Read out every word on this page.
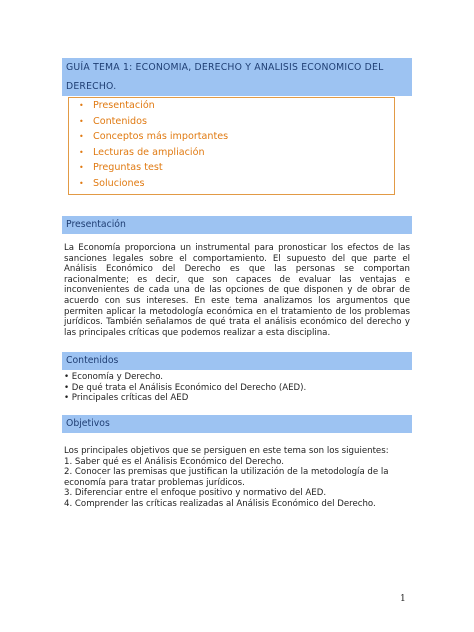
GUÍA TEMA 1: ECONOMIA, DERECHO Y ANALISIS ECONOMICO DEL
DERECHO.
• Presentación
• Contenidos
• Conceptos más importantes
• Lecturas de ampliación
• Preguntas test
• Soluciones
Presentación
La Economía proporciona un instrumental para pronosticar los efectos de las sanciones legales sobre el comportamiento. El supuesto del que parte el Análisis Económico del Derecho es que las personas se comportan racionalmente; es decir, que son capaces de evaluar las ventajas e inconvenientes de cada una de las opciones de que disponen y de obrar de acuerdo con sus intereses. En este tema analizamos los argumentos que permiten aplicar la metodología económica en el tratamiento de los problemas jurídicos. También señalamos de qué trata el análisis económico del derecho y las principales críticas que podemos realizar a esta disciplina.
Contenidos
• Economía y Derecho.
• De qué trata el Análisis Económico del Derecho (AED).
• Principales críticas del AED
Objetivos
Los principales objetivos que se persiguen en este tema son los siguientes:
1. Saber qué es el Análisis Económico del Derecho.
2. Conocer las premisas que justifican la utilización de la metodología de la
economía para tratar problemas jurídicos.
3. Diferenciar entre el enfoque positivo y normativo del AED.
4. Comprender las críticas realizadas al Análisis Económico del Derecho.
1
